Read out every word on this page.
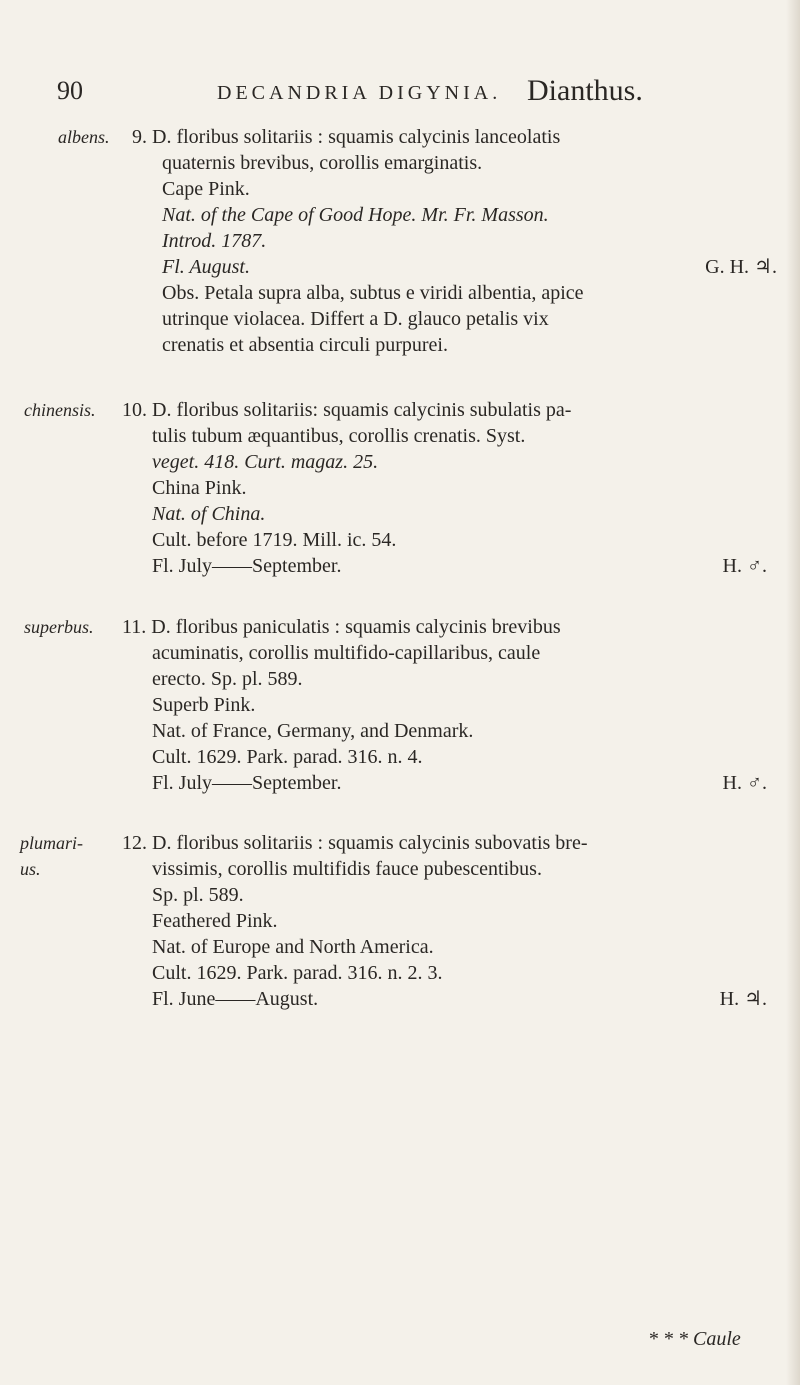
90	DECANDRIA DIGYNIA. Dianthus.
albens. 9. D. floribus solitariis : squamis calycinis lanceolatis
quaternis brevibus, corollis emarginatis.
Cape Pink.
Nat. of the Cape of Good Hope. Mr. Fr. Masson.
Introd. 1787.
Fl. August.	G. H. ♃.
Obs. Petala supra alba, subtus e viridi albentia, apice
utrinque violacea. Differt a D. glauco petalis vix
crenatis et absentia circuli purpurei.
chinensis. 10. D. floribus solitariis: squamis calycinis subulatis pa-
tulis tubum æquantibus, corollis crenatis. Syst.
veget. 418. Curt. magaz. 25.
China Pink.
Nat. of China.
Cult. before 1719. Mill. ic. 54.
Fl. July——September.	H. ♂.
superbus. 11. D. floribus paniculatis : squamis calycinis brevibus
acuminatis, corollis multifido-capillaribus, caule
erecto. Sp. pl. 589.
Superb Pink.
Nat. of France, Germany, and Denmark.
Cult. 1629. Park. parad. 316. n. 4.
Fl. July——September.	H. ♂.
plumari- us.
12. D. floribus solitariis : squamis calycinis subovatis bre-
vissimis, corollis multifidis fauce pubescentibus.
Sp. pl. 589.
Feathered Pink.
Nat. of Europe and North America.
Cult. 1629. Park. parad. 316. n. 2. 3.
Fl. June——August.	H. ♃.
* * * Caule
